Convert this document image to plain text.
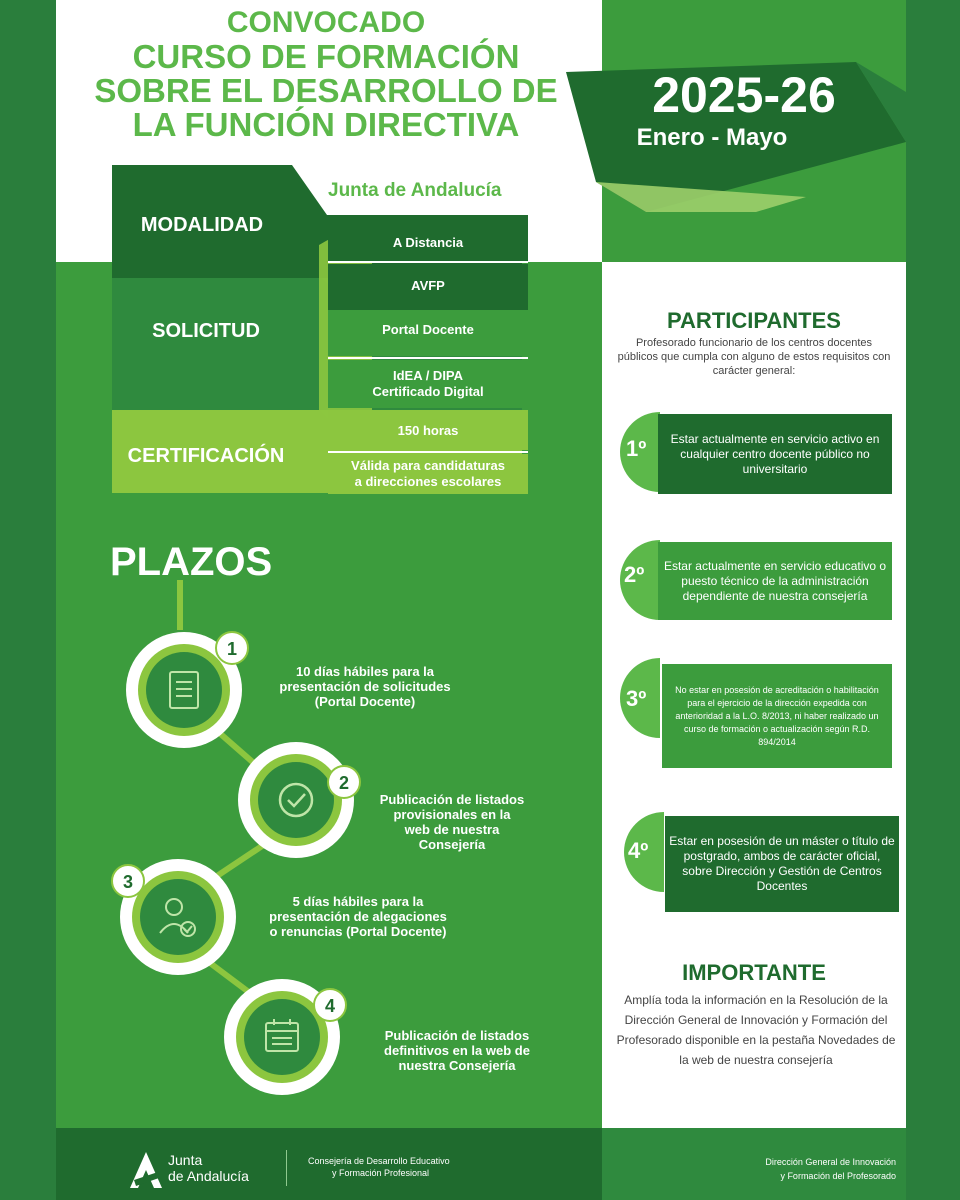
CONVOCADO
CURSO DE FORMACIÓN
SOBRE EL DESARROLLO DE
LA FUNCIÓN DIRECTIVA
2025-26
Enero - Mayo
Junta de Andalucía
MODALIDAD
SOLICITUD
CERTIFICACIÓN
A Distancia
AVFP
Portal Docente
IdEA / DIPA
Certificado Digital
150 horas
Válida para candidaturas
a direcciones escolares
PLAZOS
1
10 días hábiles para la
presentación de solicitudes
(Portal Docente)
2
Publicación de listados
provisionales en la
web de nuestra
Consejería
3
5 días hábiles para la
presentación de alegaciones
o renuncias (Portal Docente)
4
Publicación de listados
definitivos en la web de
nuestra Consejería
PARTICIPANTES
Profesorado funcionario de los centros docentes públicos que cumpla con alguno de estos requisitos con carácter general:
1º	Estar actualmente en servicio activo en cualquier centro docente público no universitario
2º	Estar actualmente en servicio educativo o puesto técnico de la administración dependiente de nuestra consejería
3º	No estar en posesión de acreditación o habilitación para el ejercicio de la dirección expedida con anterioridad a la L.O. 8/2013, ni haber realizado un curso de formación o actualización según R.D. 894/2014
4º	Estar en posesión de un máster o título de postgrado, ambos de carácter oficial, sobre Dirección y Gestión de Centros Docentes
IMPORTANTE
Amplía toda la información en la Resolución de la Dirección General de Innovación y Formación del Profesorado disponible en la pestaña Novedades de la web de nuestra consejería
Junta
de Andalucía
Consejería de Desarrollo Educativo
y Formación Profesional
Dirección General de Innovación
y Formación del Profesorado
